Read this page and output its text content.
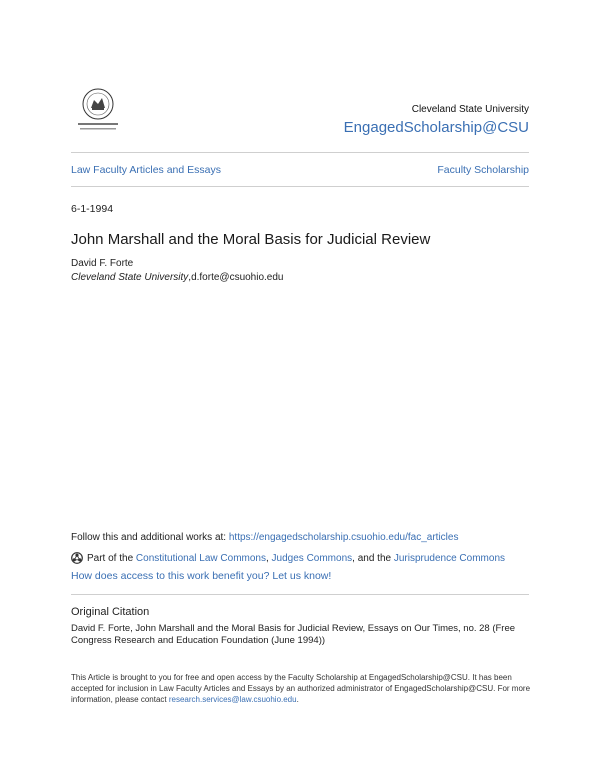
Cleveland State University
EngagedScholarship@CSU
Law Faculty Articles and Essays	Faculty Scholarship
6-1-1994
John Marshall and the Moral Basis for Judicial Review
David F. Forte
Cleveland State University,d.forte@csuohio.edu
Follow this and additional works at: https://engagedscholarship.csuohio.edu/fac_articles
Part of the Constitutional Law Commons, Judges Commons, and the Jurisprudence Commons
How does access to this work benefit you? Let us know!
Original Citation
David F. Forte, John Marshall and the Moral Basis for Judicial Review, Essays on Our Times, no. 28 (Free Congress Research and Education Foundation (June 1994))
This Article is brought to you for free and open access by the Faculty Scholarship at EngagedScholarship@CSU. It has been accepted for inclusion in Law Faculty Articles and Essays by an authorized administrator of EngagedScholarship@CSU. For more information, please contact research.services@law.csuohio.edu.
